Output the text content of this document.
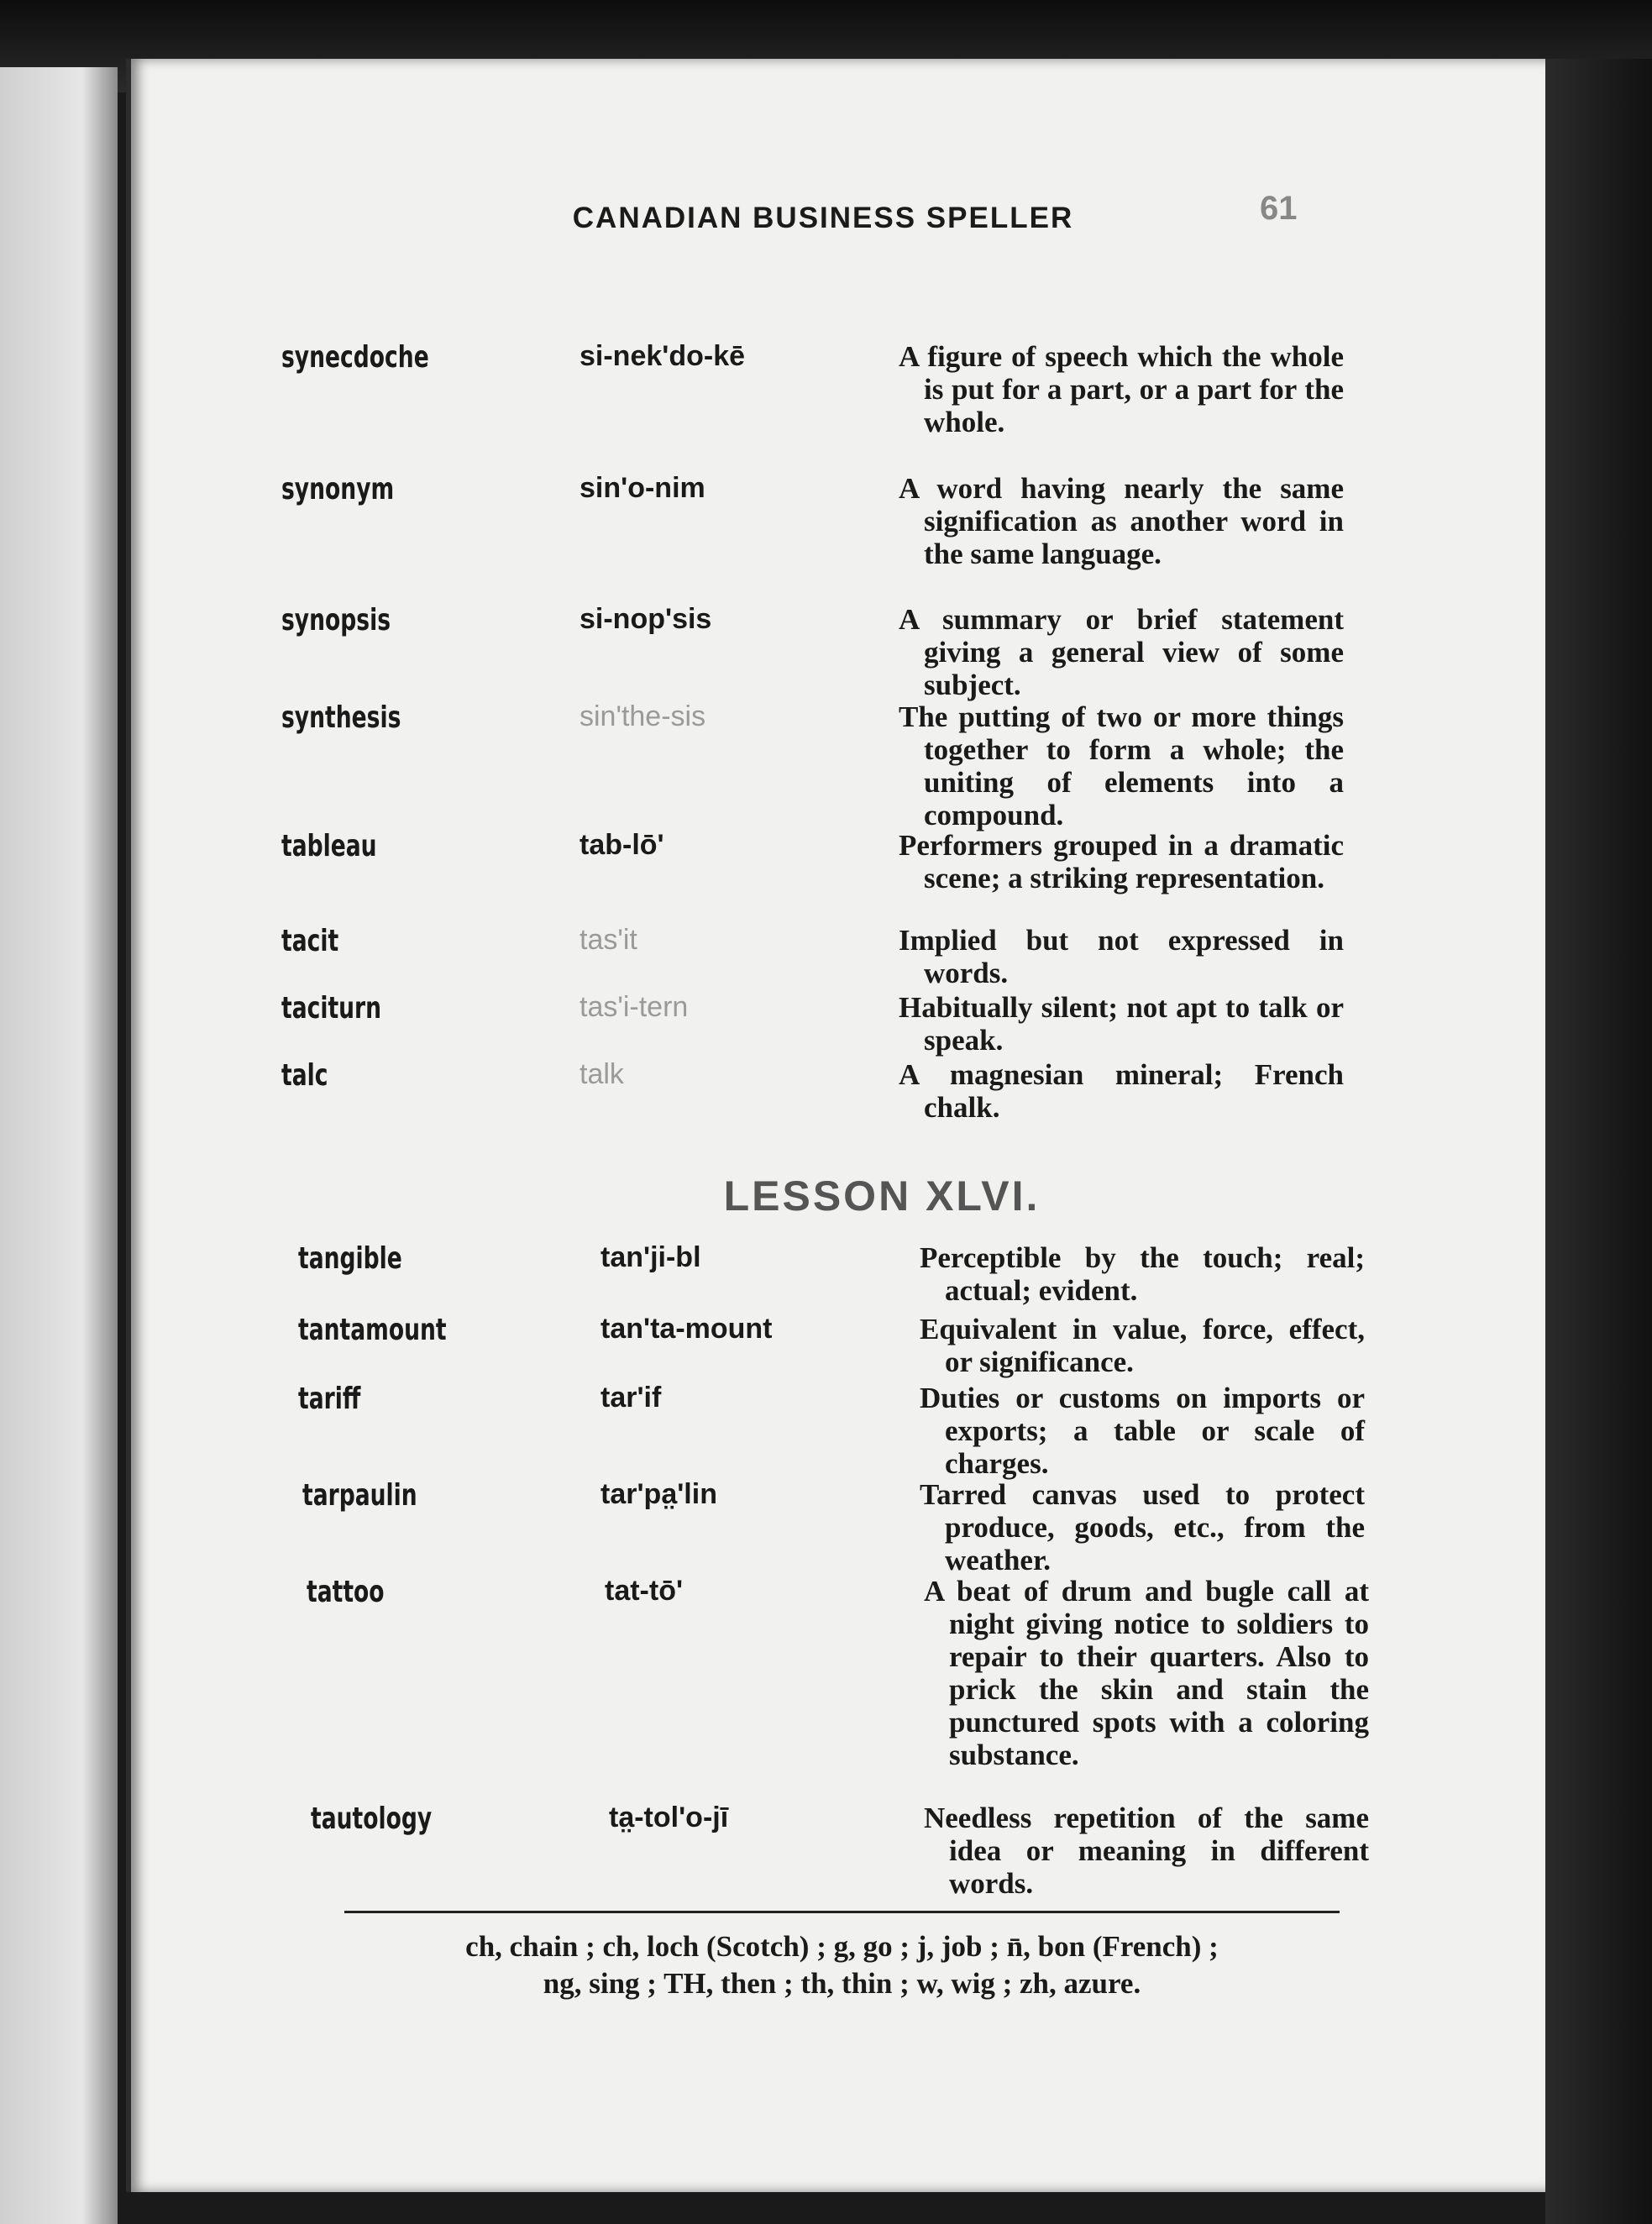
CANADIAN BUSINESS SPELLER	61
synecdoche	si-nek'do-kē	A figure of speech which the whole is put for a part, or a part for the whole.
synonym	sin'o-nim	A word having nearly the same signification as another word in the same language.
synopsis	si-nop'sis	A summary or brief statement giving a general view of some subject.
synthesis	sin'the-sis	The putting of two or more things together to form a whole; the uniting of elements into a compound.
tableau	tab-lō'	Performers grouped in a dramatic scene; a striking representation.
tacit	tas'it	Implied but not expressed in words.
taciturn	tas'i-tern	Habitually silent; not apt to talk or speak.
talc	talk	A magnesian mineral; French chalk.
LESSON XLVI.
tangible	tan'ji-bl	Perceptible by the touch; real; actual; evident.
tantamount	tan'ta-mount	Equivalent in value, force, effect, or significance.
tariff	tar'if	Duties or customs on imports or exports; a table or scale of charges.
tarpaulin	tar'pa̤'lin	Tarred canvas used to protect produce, goods, etc., from the weather.
tattoo	tat-tō'	A beat of drum and bugle call at night giving notice to soldiers to repair to their quarters. Also to prick the skin and stain the punctured spots with a coloring substance.
tautology	ta̤-tol'o-jī	Needless repetition of the same idea or meaning in different words.
ch, chain ; ch, loch (Scotch) ; g, go ; j, job ; n̄, bon (French) ;
ng, sing ; TH, then ; th, thin ; w, wig ; zh, azure.
